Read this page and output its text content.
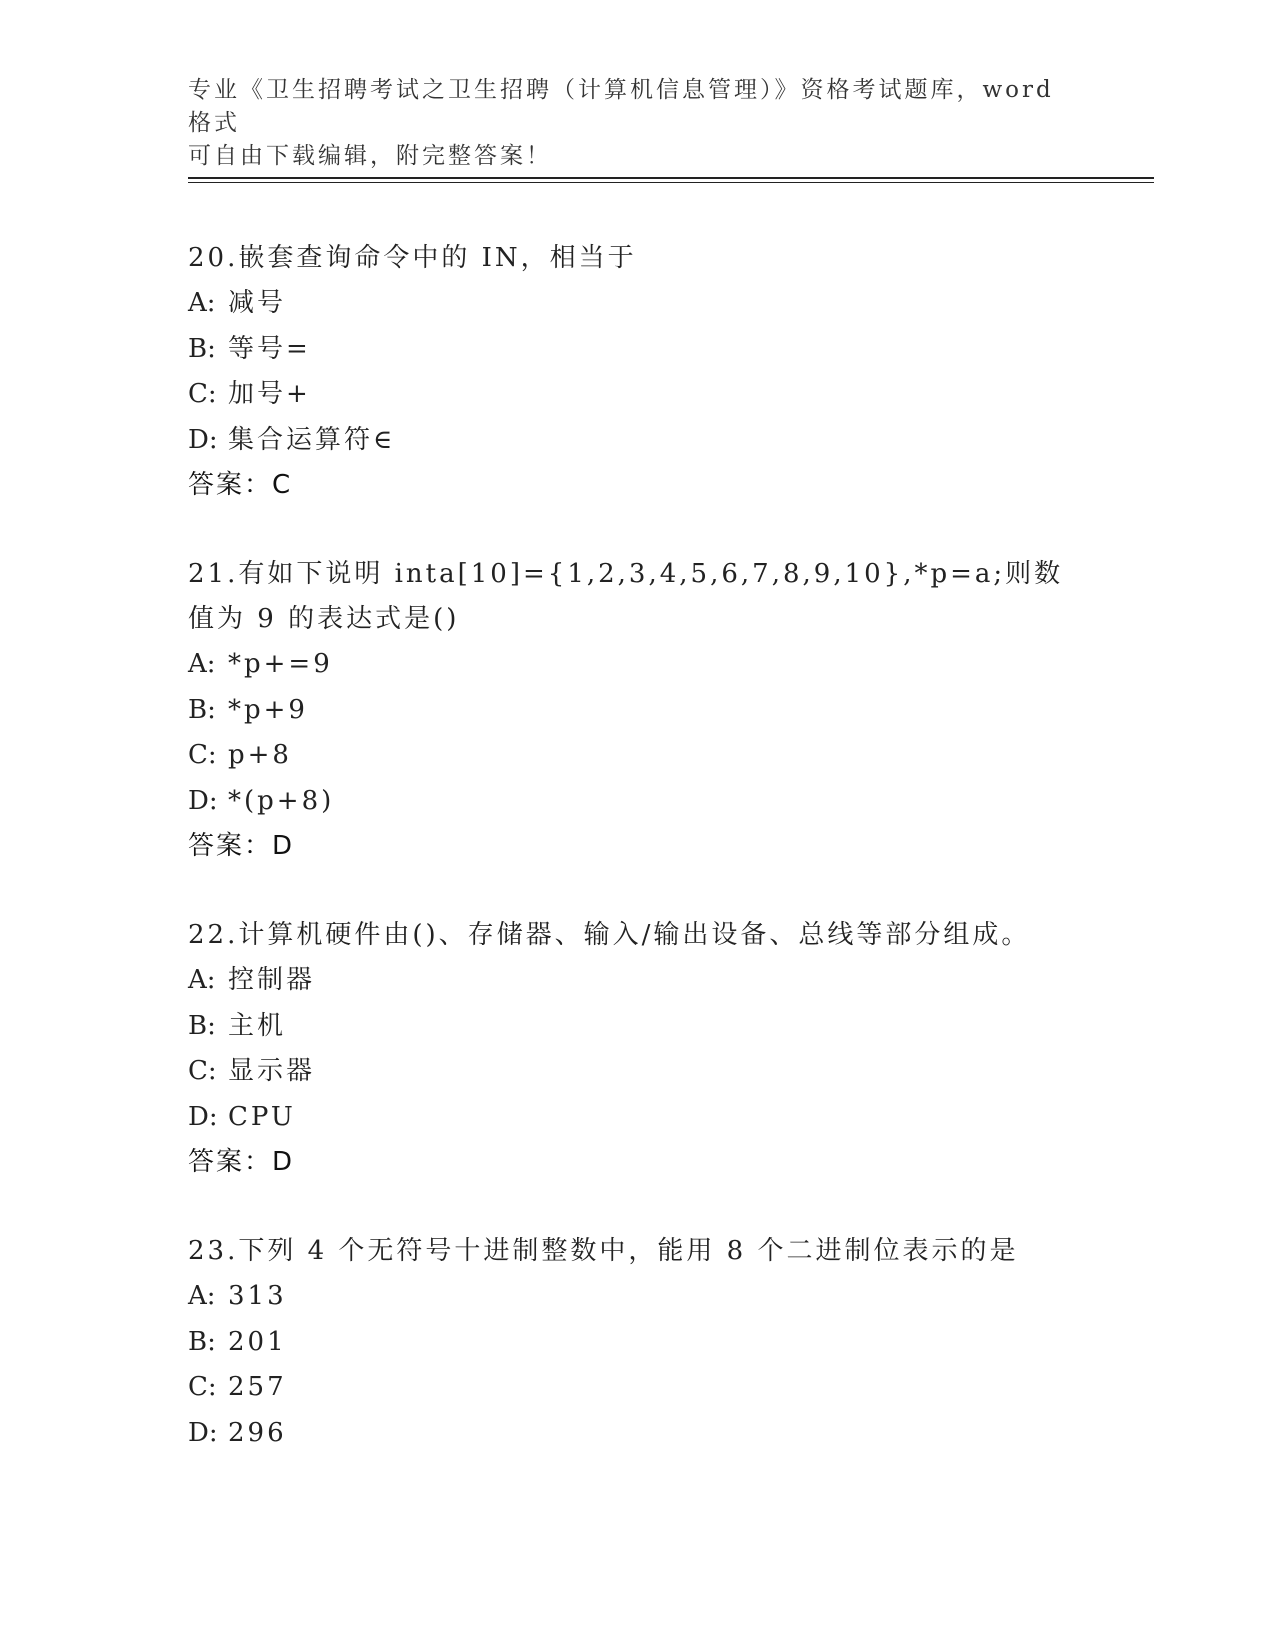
专业《卫生招聘考试之卫生招聘（计算机信息管理）》资格考试题库，word 格式
可自由下载编辑，附完整答案！

20.嵌套查询命令中的 IN，相当于

A: 减号

B: 等号=

C: 加号+

D: 集合运算符∈

答案：C

21.有如下说明 inta[10]={1,2,3,4,5,6,7,8,9,10},*p=a;则数值为 9 的表达式是()

A: *p+=9

B: *p+9

C: p+8

D: *(p+8)

答案：D

22.计算机硬件由()、存储器、输入/输出设备、总线等部分组成。

A: 控制器

B: 主机

C: 显示器

D: CPU

答案：D

23.下列 4 个无符号十进制整数中，能用 8 个二进制位表示的是

A: 313

B: 201

C: 257

D: 296
